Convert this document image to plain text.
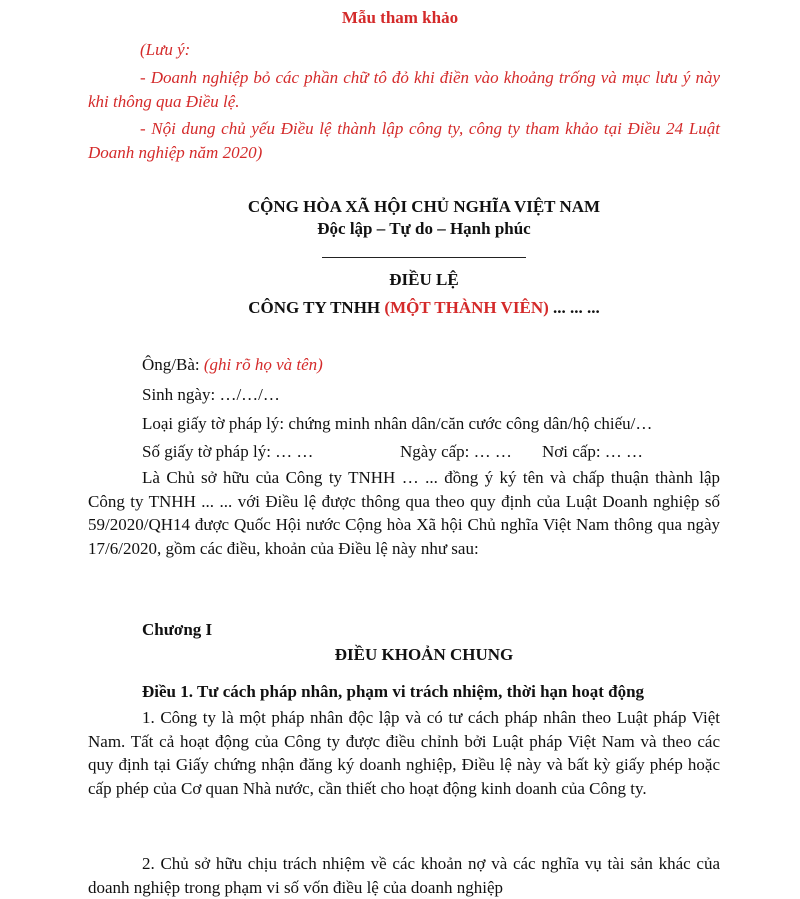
Mẫu tham khảo
(Lưu ý:

- Doanh nghiệp bỏ các phần chữ tô đỏ khi điền vào khoảng trống và mục lưu ý này khi thông qua Điều lệ.

- Nội dung chủ yếu Điều lệ thành lập công ty, công ty tham khảo tại Điều 24 Luật Doanh nghiệp năm 2020)

CỘNG HÒA XÃ HỘI CHỦ NGHĨA VIỆT NAM
Độc lập – Tự do – Hạnh phúc
ĐIỀU LỆ
CÔNG TY TNHH (MỘT THÀNH VIÊN) ... ... ...
Ông/Bà: (ghi rõ họ và tên)
Sinh ngày: …/…/…
Loại giấy tờ pháp lý: chứng minh nhân dân/căn cước công dân/hộ chiếu/…
Số giấy tờ pháp lý: … …	Ngày cấp: … … Nơi cấp: … …

Là Chủ sở hữu của Công ty TNHH … ... đồng ý ký tên và chấp thuận thành lập Công ty TNHH ... ... với Điều lệ được thông qua theo quy định của Luật Doanh nghiệp số 59/2020/QH14 được Quốc Hội nước Cộng hòa Xã hội Chủ nghĩa Việt Nam thông qua ngày 17/6/2020, gồm các điều, khoản của Điều lệ này như sau:

Chương I
ĐIỀU KHOẢN CHUNG
Điều 1. Tư cách pháp nhân, phạm vi trách nhiệm, thời hạn hoạt động

1. Công ty là một pháp nhân độc lập và có tư cách pháp nhân theo Luật pháp Việt Nam. Tất cả hoạt động của Công ty được điều chỉnh bởi Luật pháp Việt Nam và theo các quy định tại Giấy chứng nhận đăng ký doanh nghiệp, Điều lệ này và bất kỳ giấy phép hoặc cấp phép của Cơ quan Nhà nước, cần thiết cho hoạt động kinh doanh của Công ty.

2. Chủ sở hữu chịu trách nhiệm về các khoản nợ và các nghĩa vụ tài sản khác của doanh nghiệp trong phạm vi số vốn điều lệ của doanh nghiệp
